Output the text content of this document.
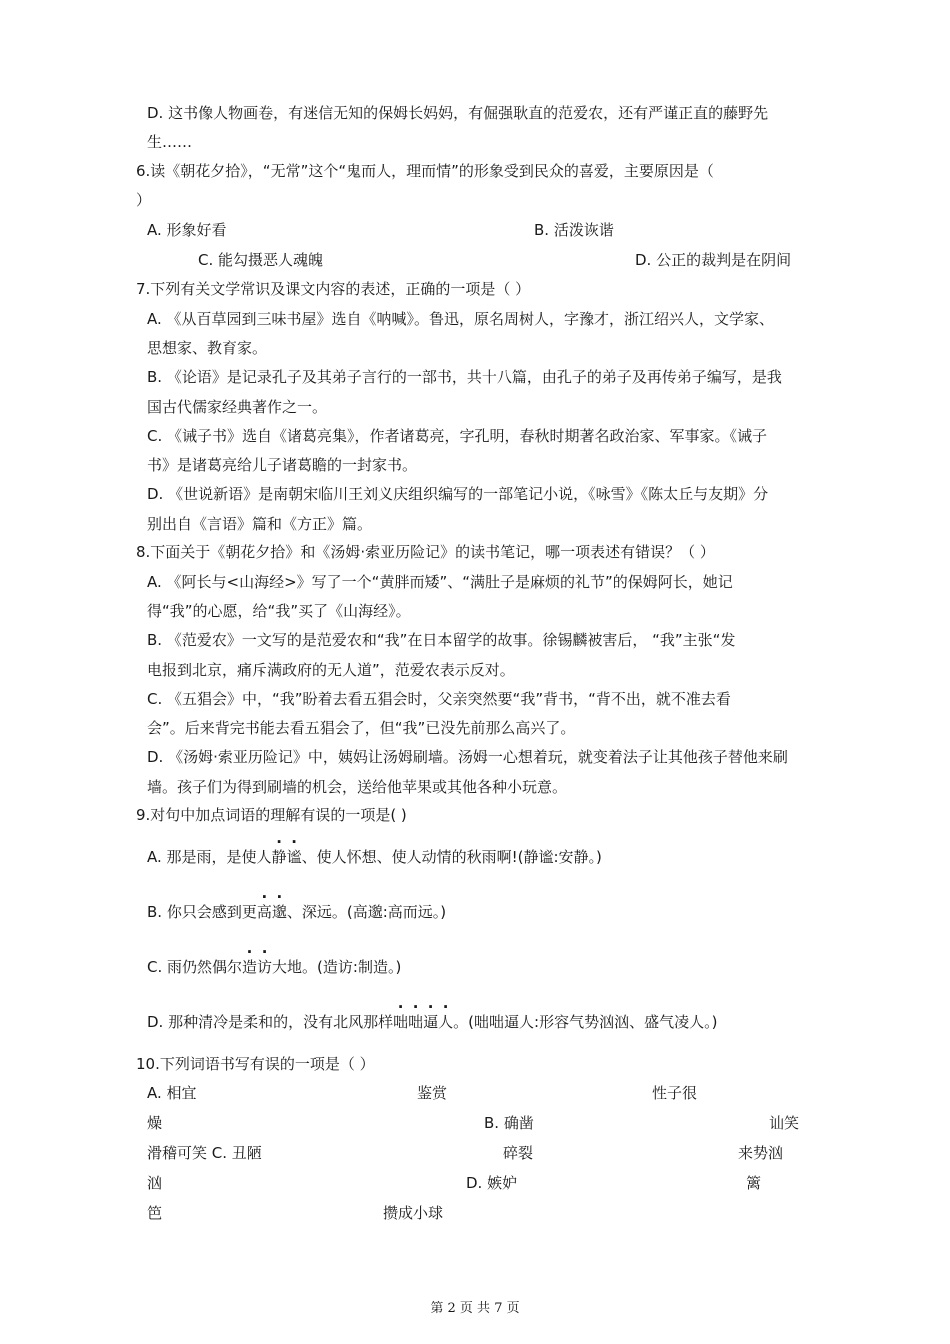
D. 这书像人物画卷，有迷信无知的保姆长妈妈，有倔强耿直的范爱农，还有严谨正直的藤野先
生……
6.读《朝花夕拾》，“无常”这个“鬼而人，理而情”的形象受到民众的喜爱，主要原因是（
）
A. 形象好看	B. 活泼诙谐
C. 能勾摄恶人魂魄	D. 公正的裁判是在阴间
7.下列有关文学常识及课文内容的表述，正确的一项是（ ）
A. 《从百草园到三味书屋》选自《呐喊》。鲁迅，原名周树人，字豫才，浙江绍兴人，文学家、
思想家、教育家。
B. 《论语》是记录孔子及其弟子言行的一部书，共十八篇，由孔子的弟子及再传弟子编写，是我
国古代儒家经典著作之一。
C. 《诫子书》选自《诸葛亮集》，作者诸葛亮，字孔明，春秋时期著名政治家、军事家。《诫子
书》是诸葛亮给儿子诸葛瞻的一封家书。
D. 《世说新语》是南朝宋临川王刘义庆组织编写的一部笔记小说，《咏雪》《陈太丘与友期》分
别出自《言语》篇和《方正》篇。
8.下面关于《朝花夕拾》和《汤姆·索亚历险记》的读书笔记，哪一项表述有错误？（ ）
A. 《阿长与<山海经>》写了一个“黄胖而矮”、“满肚子是麻烦的礼节”的保姆阿长，她记
得“我”的心愿，给“我”买了《山海经》。
B. 《范爱农》一文写的是范爱农和“我”在日本留学的故事。徐锡麟被害后， “我”主张“发
电报到北京，痛斥满政府的无人道”，范爱农表示反对。
C. 《五猖会》中，“我”盼着去看五猖会时，父亲突然要“我”背书，“背不出，就不准去看
会”。后来背完书能去看五猖会了，但“我”已没先前那么高兴了。
D. 《汤姆·索亚历险记》中，姨妈让汤姆刷墙。汤姆一心想着玩，就变着法子让其他孩子替他来刷
墙。孩子们为得到刷墙的机会，送给他苹果或其他各种小玩意。
9.对句中加点词语的理解有误的一项是( )
A. 那是雨，是使人静谧、使人怀想、使人动情的秋雨啊!(静谧:安静。)
B. 你只会感到更高邈、深远。(高邈:高而远。)
C. 雨仍然偶尔造访大地。(造访:制造。)
D. 那种清冷是柔和的，没有北风那样咄咄逼人。(咄咄逼人:形容气势汹汹、盛气凌人。)
10.下列词语书写有误的一项是（ ）
A. 相宜	鉴赏	性子很
燥	B. 确凿	讪笑
滑稽可笑 C. 丑陋	碎裂	来势汹
汹	D. 嫉妒	篱
笆	攒成小球
第 2 页 共 7 页
